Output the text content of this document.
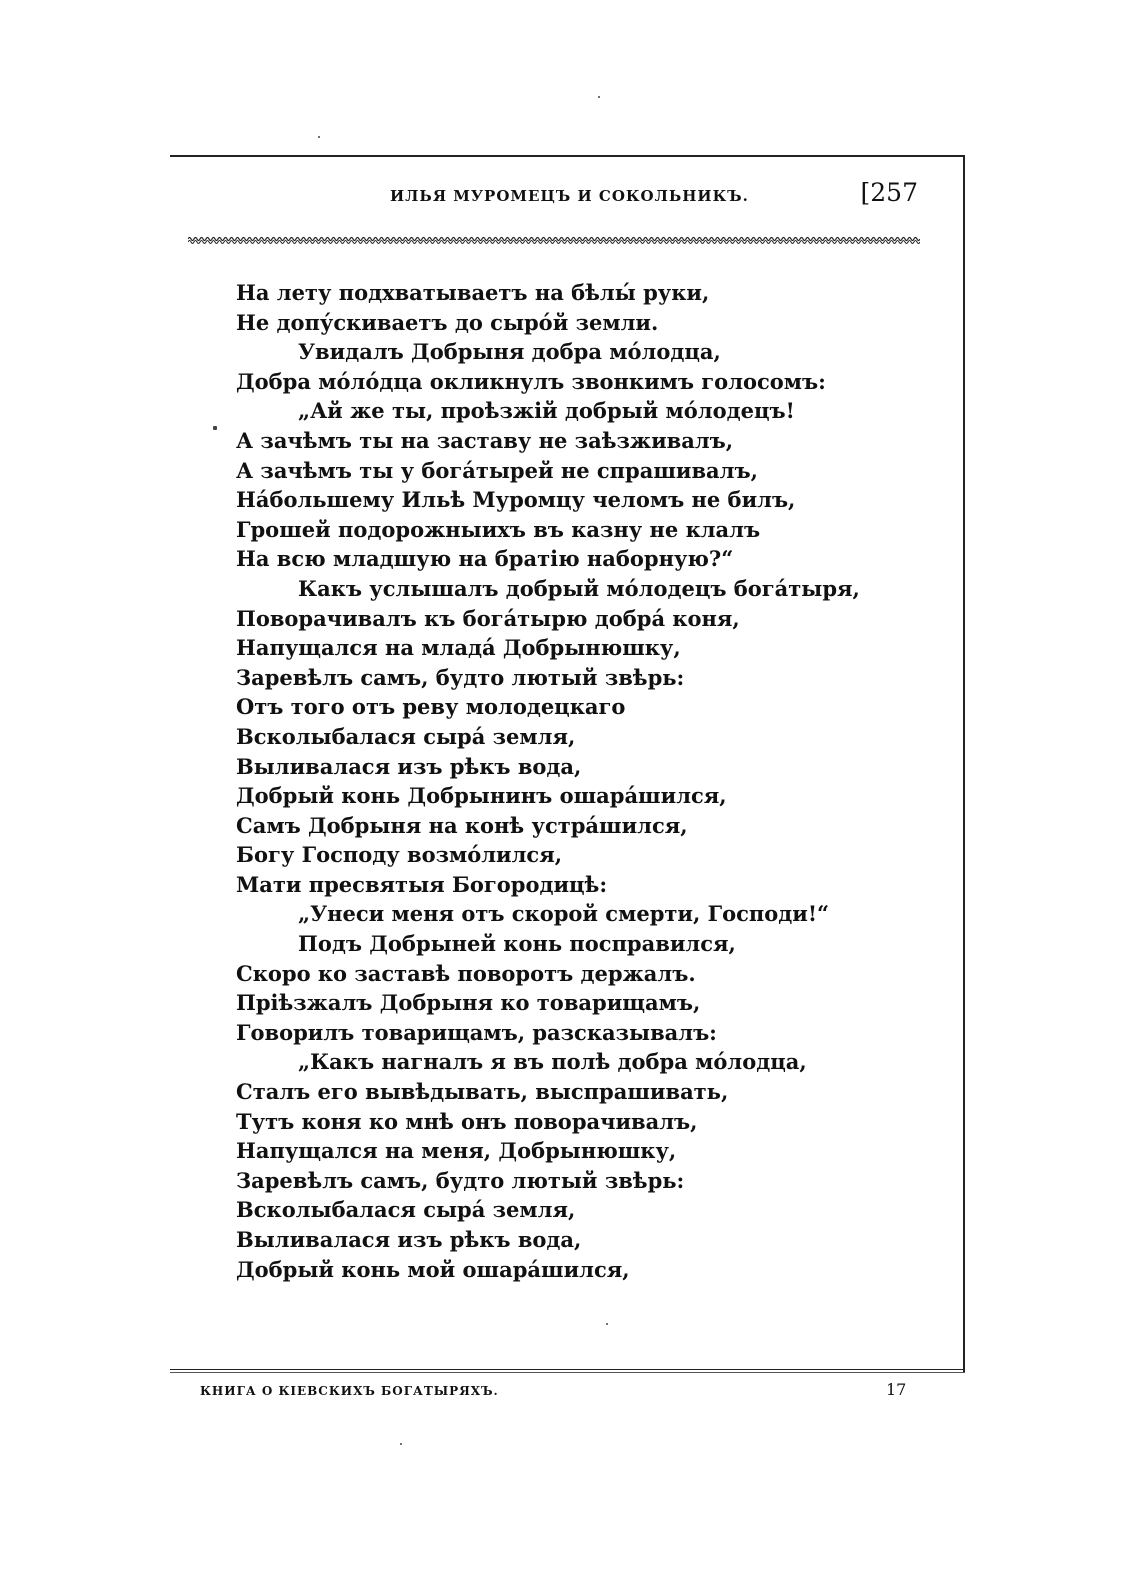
ИЛЬЯ МУРОМЕЦЪ И СОКОЛЬНИКЪ.	[257
На лету подхватываетъ на бѣлы́ руки,
Не допу́скиваетъ до сыро́й земли.
Увидалъ Добрыня добра мо́лодца,
Добра мо́ло́дца окликнулъ звонкимъ голосомъ:
„Ай же ты, проѣзжій добрый мо́лодецъ!
А зачѣмъ ты на заставу не заѣзживалъ,
А зачѣмъ ты у бога́тырей не спрашивалъ,
На́большему Ильѣ Муромцу челомъ не билъ,
Грошей подорожныихъ въ казну не клалъ
На всю младшую на братію наборную?“
Какъ услышалъ добрый мо́лодецъ бога́тыря,
Поворачивалъ къ бога́тырю добра́ коня,
Напущался на млада́ Добрынюшку,
Заревѣлъ самъ, будто лютый звѣрь:
Отъ того отъ реву молодецкаго
Всколыбалася сыра́ земля,
Выливалася изъ рѣкъ вода,
Добрый конь Добрынинъ ошара́шился,
Самъ Добрыня на конѣ устра́шился,
Богу Господу возмо́лился,
Мати пресвятыя Богородицѣ:
„Унеси меня отъ скорой смерти, Господи!“
Подъ Добрыней конь посправился,
Скоро ко заставѣ поворотъ держалъ.
Пріѣзжалъ Добрыня ко товарищамъ,
Говорилъ товарищамъ, разсказывалъ:
„Какъ нагналъ я въ полѣ добра мо́лодца,
Сталъ его вывѣдывать, выспрашивать,
Тутъ коня ко мнѣ онъ поворачивалъ,
Напущался на меня, Добрынюшку,
Заревѣлъ самъ, будто лютый звѣрь:
Всколыбалася сыра́ земля,
Выливалася изъ рѣкъ вода,
Добрый конь мой ошара́шился,
КНИГА О КІЕВСКИХЪ БОГАТЫРЯХЪ.	17
